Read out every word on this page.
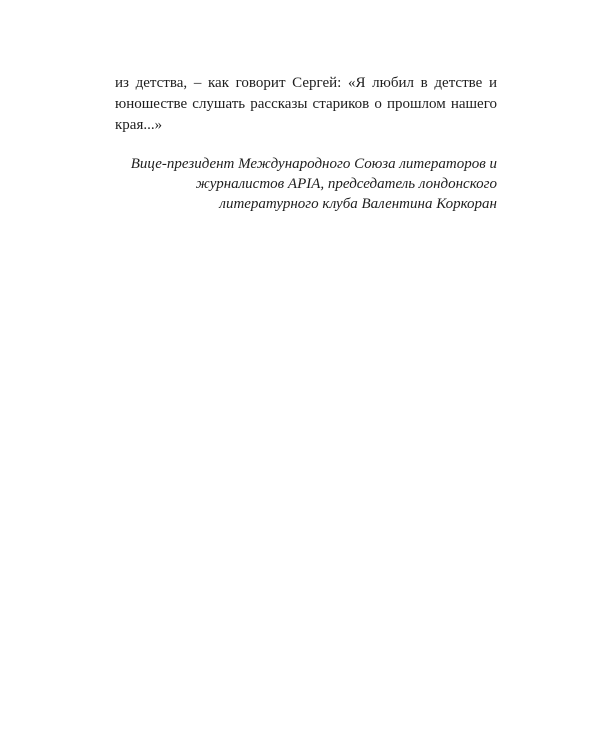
из детства, – как говорит Сергей: «Я любил в детстве и
юношестве слушать рассказы стариков о прошлом нашего
края...»
Вице-президент Международного Союза литераторов и
журналистов APIA, председатель лондонского
литературного клуба Валентина Коркоран
